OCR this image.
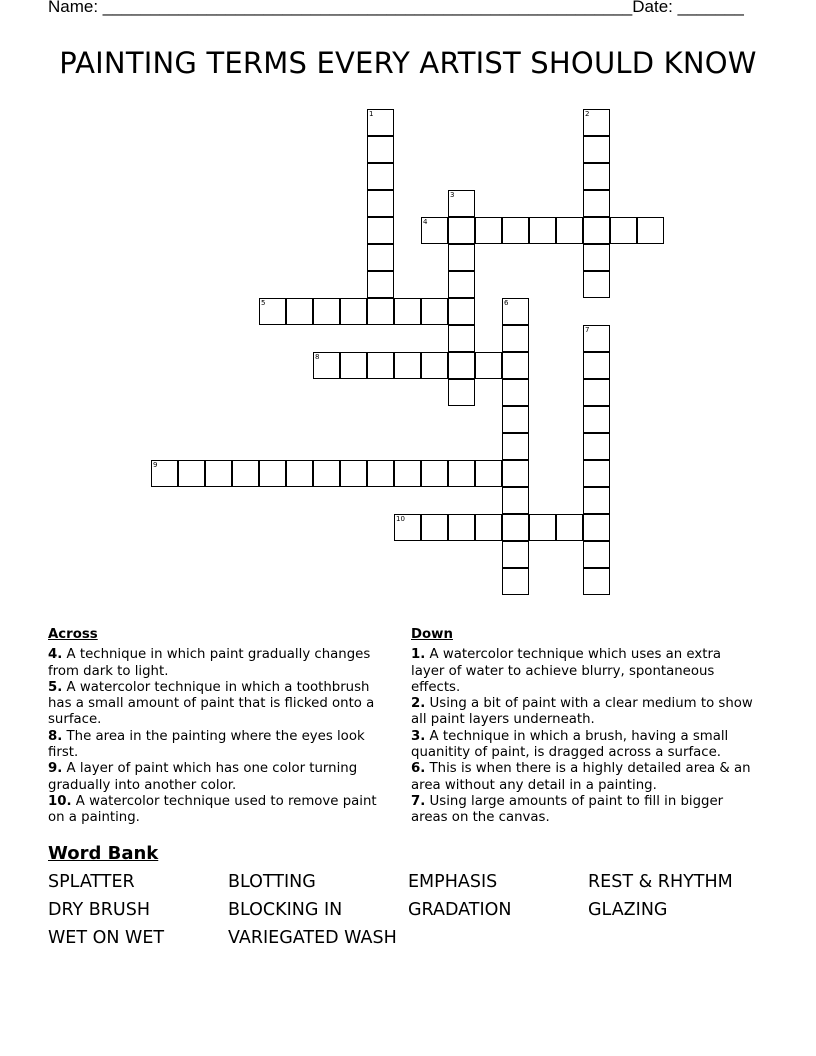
Name: ________________________________________________________ Date: _______
PAINTING TERMS EVERY ARTIST SHOULD KNOW
1	2
3
4
5	6
7
8
9
10
Across
4. A technique in which paint gradually changes from dark to light.
5. A watercolor technique in which a toothbrush has a small amount of paint that is flicked onto a surface.
8. The area in the painting where the eyes look first.
9. A layer of paint which has one color turning gradually into another color.
10. A watercolor technique used to remove paint on a painting.
Down
1. A watercolor technique which uses an extra layer of water to achieve blurry, spontaneous effects.
2. Using a bit of paint with a clear medium to show all paint layers underneath.
3. A technique in which a brush, having a small quanitity of paint, is dragged across a surface.
6. This is when there is a highly detailed area & an area without any detail in a painting.
7. Using large amounts of paint to fill in bigger areas on the canvas.
Word Bank
SPLATTER	BLOTTING	EMPHASIS	REST & RHYTHM
DRY BRUSH	BLOCKING IN	GRADATION	GLAZING
WET ON WET	VARIEGATED WASH
